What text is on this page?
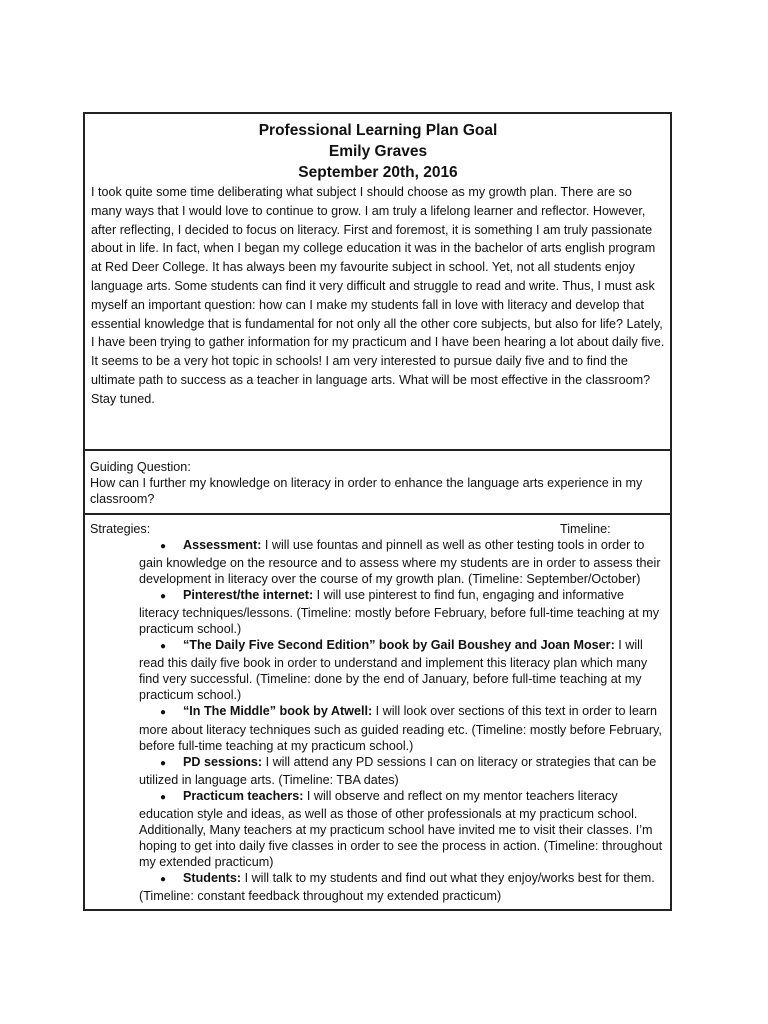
Professional Learning Plan Goal
Emily Graves
September 20th, 2016
I took quite some time deliberating what subject I should choose as my growth plan. There are so many ways that I would love to continue to grow. I am truly a lifelong learner and reflector. However, after reflecting, I decided to focus on literacy. First and foremost, it is something I am truly passionate about in life. In fact, when I began my college education it was in the bachelor of arts english program at Red Deer College. It has always been my favourite subject in school. Yet, not all students enjoy language arts. Some students can find it very difficult and struggle to read and write. Thus, I must ask myself an important question: how can I make my students fall in love with literacy and develop that essential knowledge that is fundamental for not only all the other core subjects, but also for life? Lately, I have been trying to gather information for my practicum and I have been hearing a lot about daily five. It seems to be a very hot topic in schools! I am very interested to pursue daily five and to find the ultimate path to success as a teacher in language arts. What will be most effective in the classroom? Stay tuned.
Guiding Question:
How can I further my knowledge on literacy in order to enhance the language arts experience in my classroom?
Strategies:	Timeline:
● Assessment: I will use fountas and pinnell as well as other testing tools in order to gain knowledge on the resource and to assess where my students are in order to assess their development in literacy over the course of my growth plan. (Timeline: September/October)
● Pinterest/the internet: I will use pinterest to find fun, engaging and informative literacy techniques/lessons. (Timeline: mostly before February, before full-time teaching at my practicum school.)
● “The Daily Five Second Edition” book by Gail Boushey and Joan Moser: I will read this daily five book in order to understand and implement this literacy plan which many find very successful. (Timeline: done by the end of January, before full-time teaching at my practicum school.)
● “In The Middle” book by Atwell: I will look over sections of this text in order to learn more about literacy techniques such as guided reading etc. (Timeline: mostly before February, before full-time teaching at my practicum school.)
● PD sessions: I will attend any PD sessions I can on literacy or strategies that can be utilized in language arts. (Timeline: TBA dates)
● Practicum teachers: I will observe and reflect on my mentor teachers literacy education style and ideas, as well as those of other professionals at my practicum school. Additionally, Many teachers at my practicum school have invited me to visit their classes. I’m hoping to get into daily five classes in order to see the process in action. (Timeline: throughout my extended practicum)
● Students: I will talk to my students and find out what they enjoy/works best for them. (Timeline: constant feedback throughout my extended practicum)
